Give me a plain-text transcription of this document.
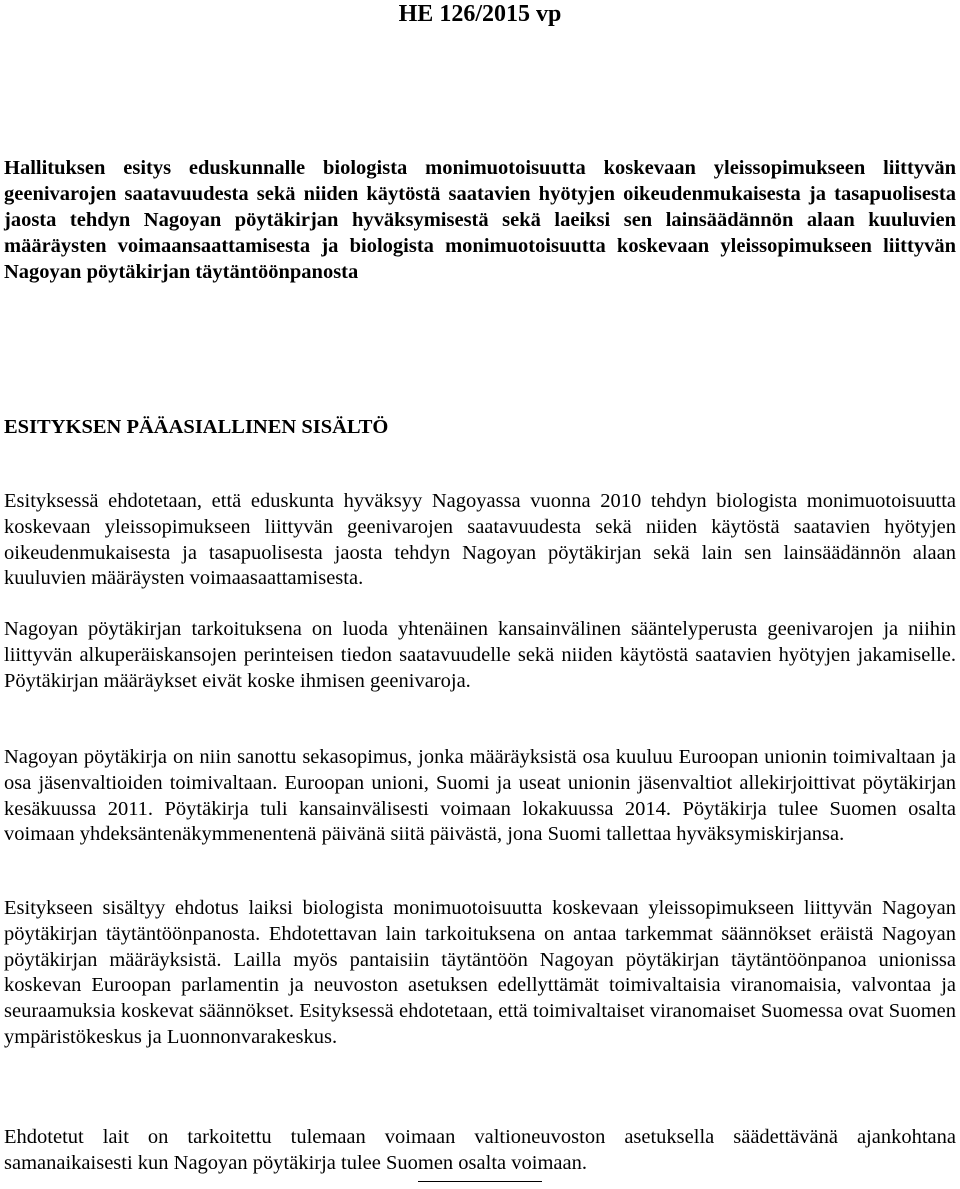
HE 126/2015 vp
Hallituksen esitys eduskunnalle biologista monimuotoisuutta koskevaan yleissopimukseen liittyvän geenivarojen saatavuudesta sekä niiden käytöstä saatavien hyötyjen oikeudenmukaisesta ja tasapuolisesta jaosta tehdyn Nagoyan pöytäkirjan hyväksymisestä sekä laeiksi sen lainsäädännön alaan kuuluvien määräysten voimaansaattamisesta ja biologista monimuotoisuutta koskevaan yleissopimukseen liittyvän Nagoyan pöytäkirjan täytäntöönpanosta
ESITYKSEN PÄÄASIALLINEN SISÄLTÖ

Esityksessä ehdotetaan, että eduskunta hyväksyy Nagoyassa vuonna 2010 tehdyn biologista monimuotoisuutta koskevaan yleissopimukseen liittyvän geenivarojen saatavuudesta sekä niiden käytöstä saatavien hyötyjen oikeudenmukaisesta ja tasapuolisesta jaosta tehdyn Nagoyan pöytäkirjan sekä lain sen lainsäädännön alaan kuuluvien määräysten voimaasaattamisesta.

Nagoyan pöytäkirjan tarkoituksena on luoda yhtenäinen kansainvälinen sääntelyperusta geenivarojen ja niihin liittyvän alkuperäiskansojen perinteisen tiedon saatavuudelle sekä niiden käytöstä saatavien hyötyjen jakamiselle. Pöytäkirjan määräykset eivät koske ihmisen geenivaroja.

Nagoyan pöytäkirja on niin sanottu sekasopimus, jonka määräyksistä osa kuuluu Euroopan unionin toimivaltaan ja osa jäsenvaltioiden toimivaltaan. Euroopan unioni, Suomi ja useat unionin jäsenvaltiot allekirjoittivat pöytäkirjan kesäkuussa 2011. Pöytäkirja tuli kansainvälisesti voimaan lokakuussa 2014. Pöytäkirja tulee Suomen osalta voimaan yhdeksäntenäkymmenentenä päivänä siitä päivästä, jona Suomi tallettaa hyväksymiskirjansa.

Esitykseen sisältyy ehdotus laiksi biologista monimuotoisuutta koskevaan yleissopimukseen liittyvän Nagoyan pöytäkirjan täytäntöönpanosta. Ehdotettavan lain tarkoituksena on antaa tarkemmat säännökset eräistä Nagoyan pöytäkirjan määräyksistä. Lailla myös pantaisiin täytäntöön Nagoyan pöytäkirjan täytäntöönpanoa unionissa koskevan Euroopan parlamentin ja neuvoston asetuksen edellyttämät toimivaltaisia viranomaisia, valvontaa ja seuraamuksia koskevat säännökset. Esityksessä ehdotetaan, että toimivaltaiset viranomaiset Suomessa ovat Suomen ympäristökeskus ja Luonnonvarakeskus.

Ehdotetut lait on tarkoitettu tulemaan voimaan valtioneuvoston asetuksella säädettävänä ajankohtana samanaikaisesti kun Nagoyan pöytäkirja tulee Suomen osalta voimaan.
